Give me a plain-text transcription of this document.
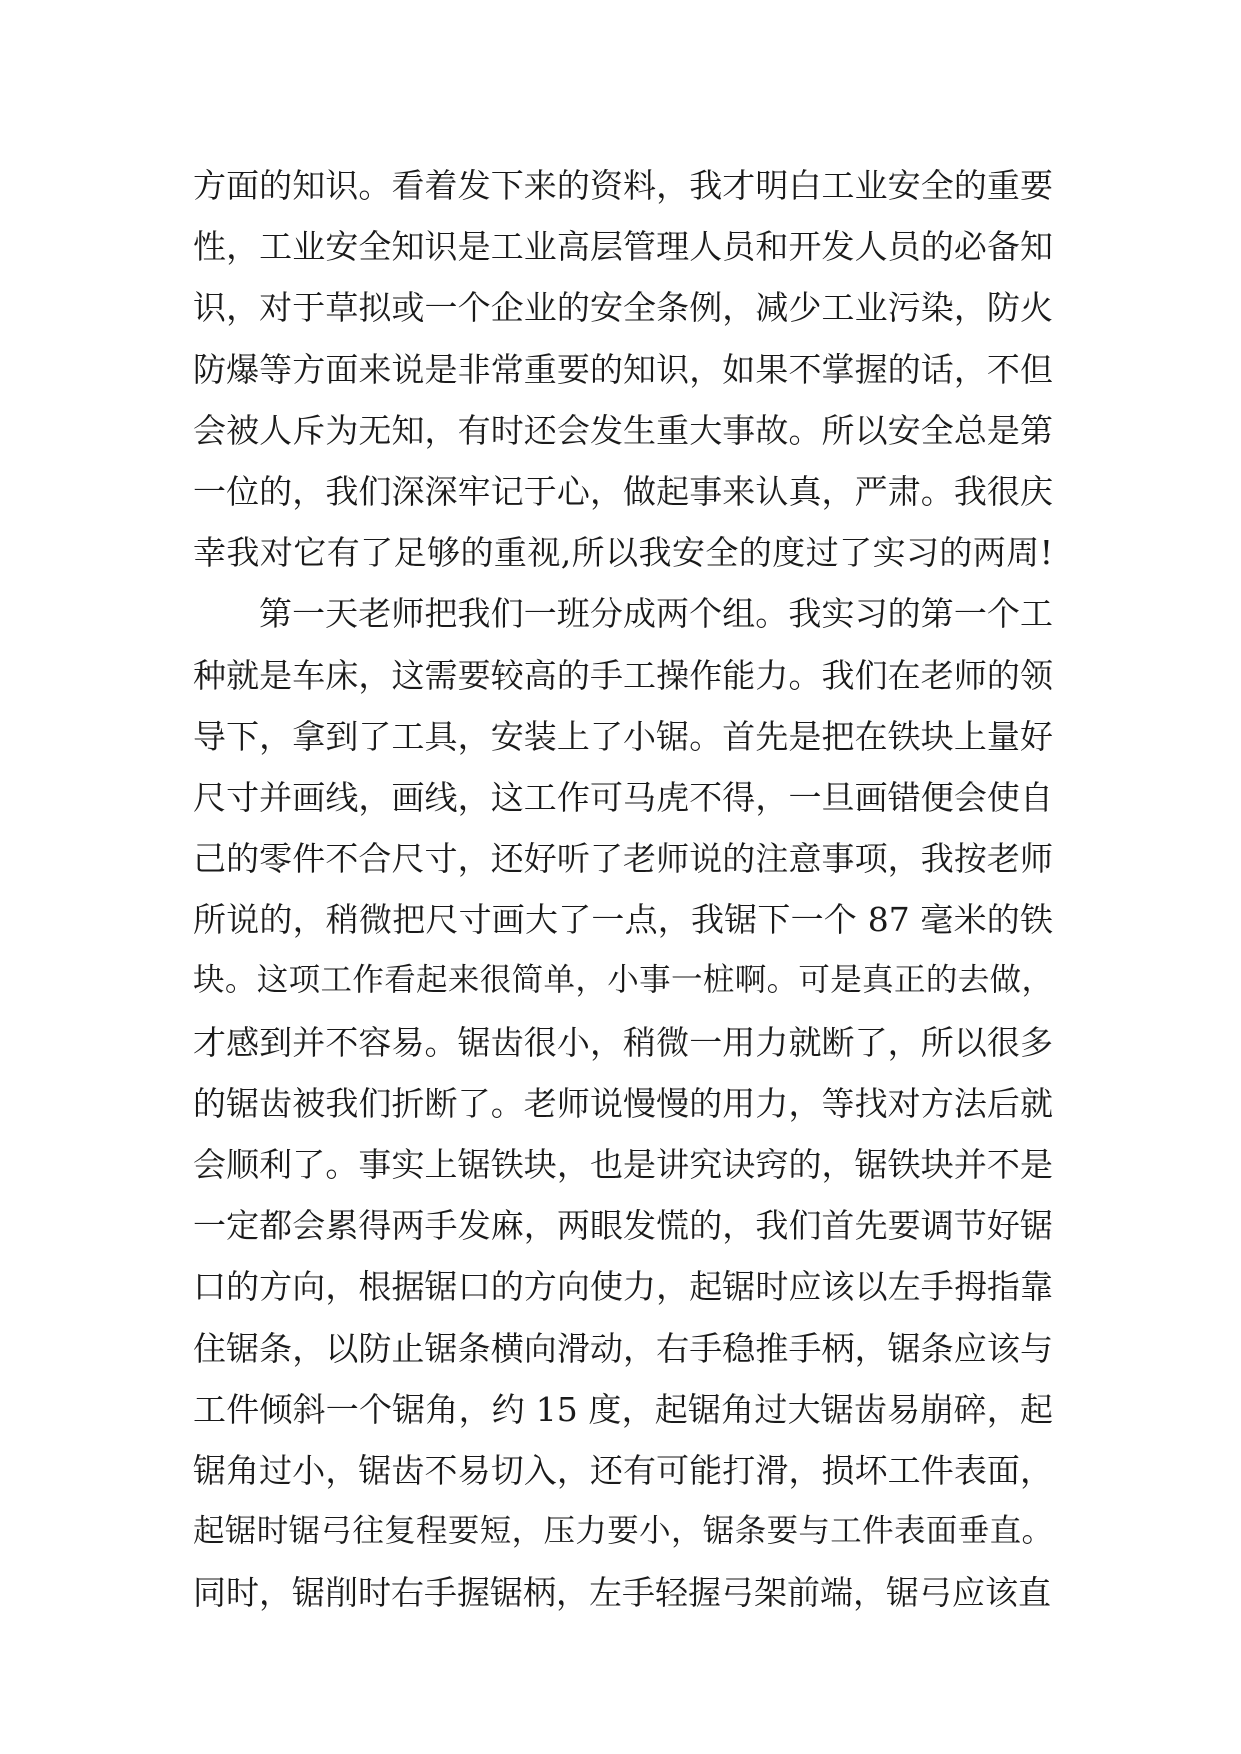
方面的知识。看着发下来的资料，我才明白工业安全的重要
性，工业安全知识是工业高层管理人员和开发人员的必备知
识，对于草拟或一个企业的安全条例，减少工业污染，防火
防爆等方面来说是非常重要的知识，如果不掌握的话，不但
会被人斥为无知，有时还会发生重大事故。所以安全总是第
一位的，我们深深牢记于心，做起事来认真，严肃。我很庆
幸我对它有了足够的重视,所以我安全的度过了实习的两周!
第一天老师把我们一班分成两个组。我实习的第一个工
种就是车床，这需要较高的手工操作能力。我们在老师的领
导下，拿到了工具，安装上了小锯。首先是把在铁块上量好
尺寸并画线，画线，这工作可马虎不得，一旦画错便会使自
己的零件不合尺寸，还好听了老师说的注意事项，我按老师
所说的，稍微把尺寸画大了一点，我锯下一个 87 毫米的铁
块。这项工作看起来很简单，小事一桩啊。可是真正的去做，
才感到并不容易。锯齿很小，稍微一用力就断了，所以很多
的锯齿被我们折断了。老师说慢慢的用力，等找对方法后就
会顺利了。事实上锯铁块，也是讲究诀窍的，锯铁块并不是
一定都会累得两手发麻，两眼发慌的，我们首先要调节好锯
口的方向，根据锯口的方向使力，起锯时应该以左手拇指靠
住锯条，以防止锯条横向滑动，右手稳推手柄，锯条应该与
工件倾斜一个锯角，约 15 度，起锯角过大锯齿易崩碎，起
锯角过小，锯齿不易切入，还有可能打滑，损坏工件表面，
起锯时锯弓往复程要短，压力要小，锯条要与工件表面垂直。
同时，锯削时右手握锯柄，左手轻握弓架前端，锯弓应该直
